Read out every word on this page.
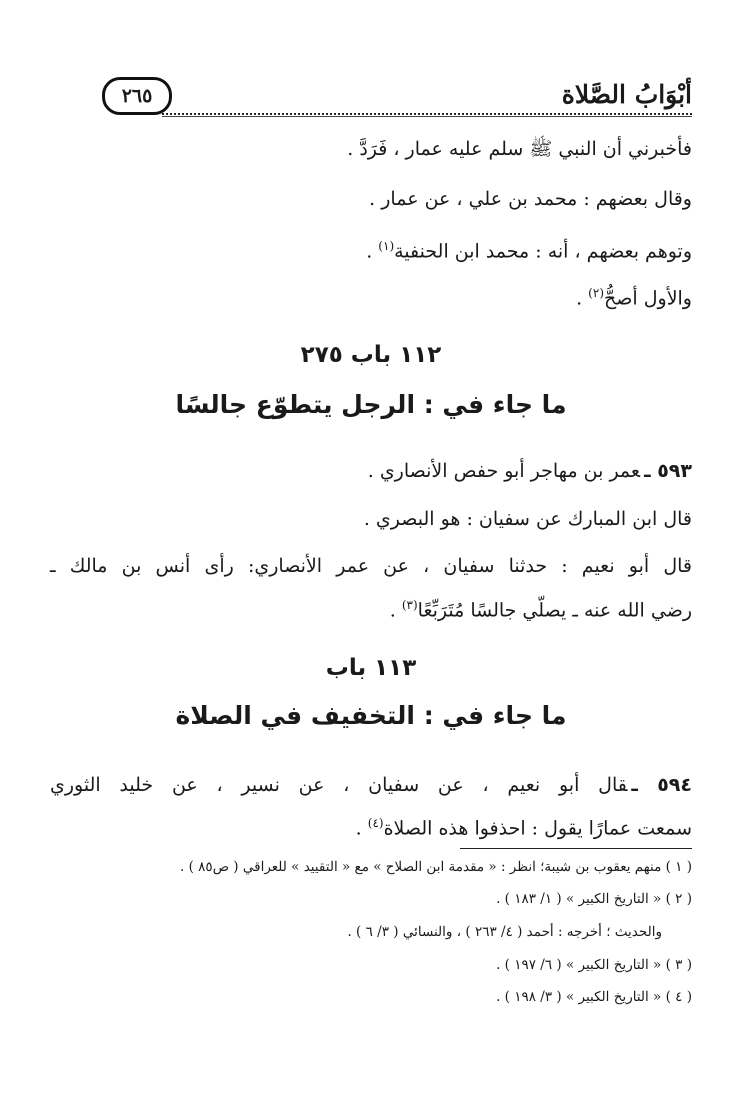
أبْوَابُ الصَّلاة
٢٦٥
فأخبرني أن النبي ﷺ سلم عليه عمار ، فَرَدَّ .
وقال بعضهم : محمد بن علي ، عن عمار .
وتوهم بعضهم ، أنه : محمد ابن الحنفية$^{(١)}$ .
والأول أصحُّ$^{(٢)}$ .
١١٢ باب ٢٧٥
ما جاء في : الرجل يتطوّع جالسًا
٥٩٣ ـعمر بن مهاجر أبو حفص الأنصاري .
قال ابن المبارك عن سفيان : هو البصري .
قال أبو نعيم : حدثنا سفيان ، عن عمر الأنصاري: رأى أنس بن مالك ـ
رضي الله عنه ـ يصلّي جالسًا مُتَرَبِّعًا$^{(٣)}$ .
١١٣ باب
ما جاء في : التخفيف في الصلاة
٥٩٤ ـقال أبو نعيم ، عن سفيان ، عن نسير ، عن خليد الثوري
سمعت عمارًا يقول : احذفوا هذه الصلاة$^{(٤)}$ .
( ١ ) منهم يعقوب بن شيبة؛ انظر : « مقدمة ابن الصلاح » مع « التقييد » للعراقي ( ص٨٥ ) .
( ٢ ) « التاريخ الكبير » ( ١/ ١٨٣ ) .
والحديث ؛ أخرجه : أحمد ( ٤/ ٢٦٣ ) ، والنسائي ( ٣/ ٦ ) .
( ٣ ) « التاريخ الكبير » ( ٦/ ١٩٧ ) .
( ٤ ) « التاريخ الكبير » ( ٣/ ١٩٨ ) .
